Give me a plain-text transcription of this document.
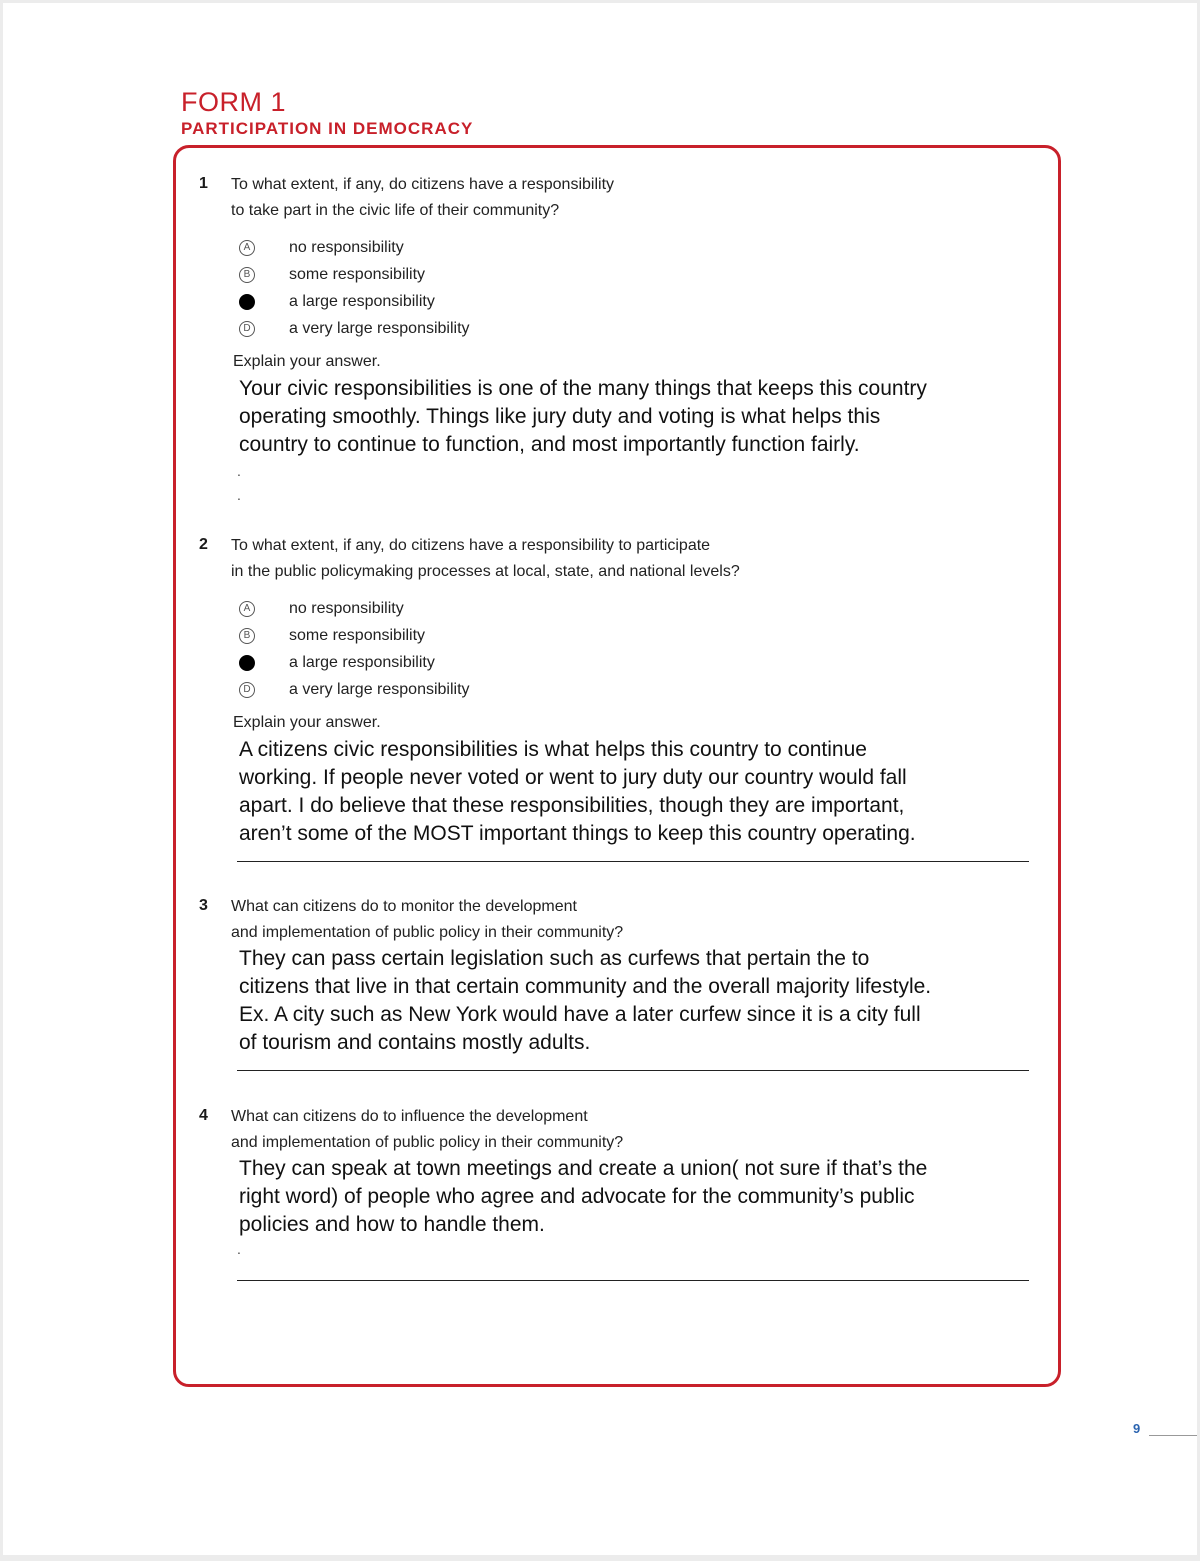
FORM 1
PARTICIPATION IN DEMOCRACY
1 To what extent, if any, do citizens have a responsibility
to take part in the civic life of their community?
A no responsibility
B some responsibility
a large responsibility
D a very large responsibility
Explain your answer.
Your civic responsibilities is one of the many things that keeps this country
operating smoothly. Things like jury duty and voting is what helps this
country to continue to function, and most importantly function fairly.
.
.
2 To what extent, if any, do citizens have a responsibility to participate
in the public policymaking processes at local, state, and national levels?
A no responsibility
B some responsibility
a large responsibility
D a very large responsibility
Explain your answer.
A citizens civic responsibilities is what helps this country to continue
working. If people never voted or went to jury duty our country would fall
apart. I do believe that these responsibilities, though they are important,
aren’t some of the MOST important things to keep this country operating.
3 What can citizens do to monitor the development
and implementation of public policy in their community?
They can pass certain legislation such as curfews that pertain the to
citizens that live in that certain community and the overall majority lifestyle.
Ex. A city such as New York would have a later curfew since it is a city full
of tourism and contains mostly adults.
4 What can citizens do to influence the development
and implementation of public policy in their community?
They can speak at town meetings and create a union( not sure if that’s the
right word) of people who agree and advocate for the community’s public
policies and how to handle them.
.
9
